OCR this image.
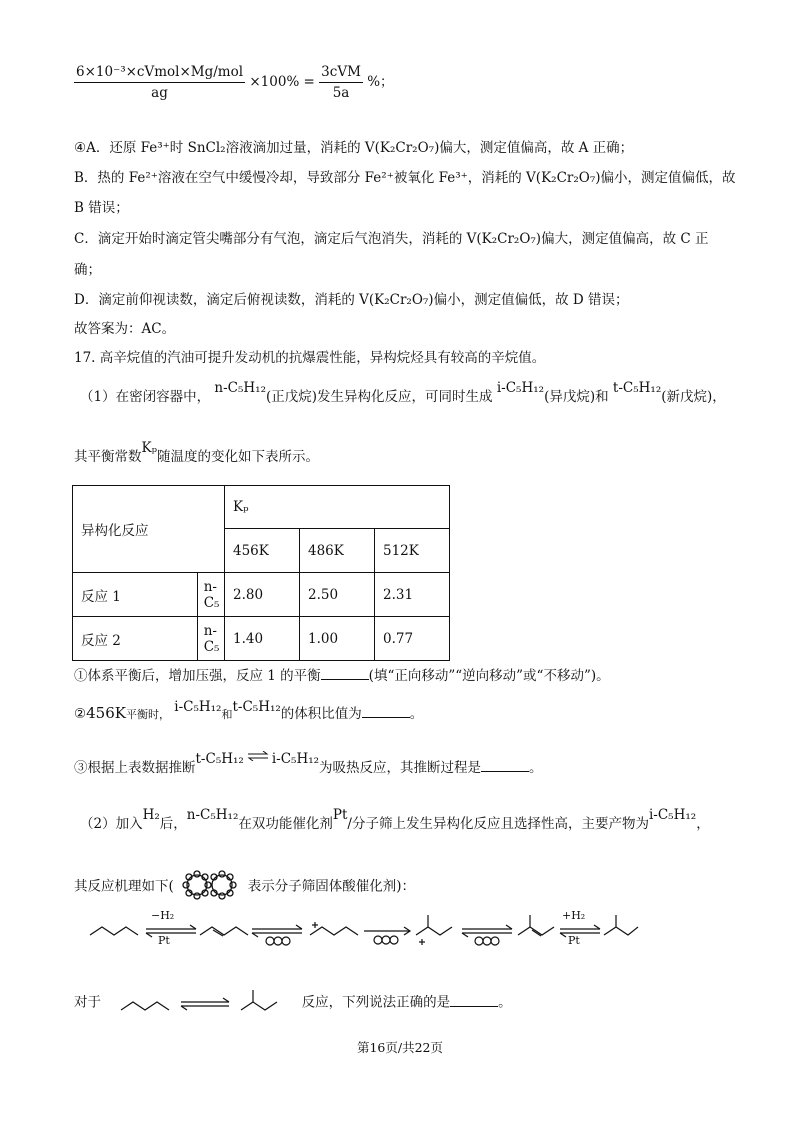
$\frac{\text{6×10⁻³×cVmol×Mg/mol}}{ag} \times 100\% = \frac{\text{3cVM}}{5a}$ %；
④A．还原 Fe³⁺时 SnCl₂溶液滴加过量，消耗的 V(K₂Cr₂O₇)偏大，测定值偏高，故 A 正确；
B．热的 Fe²⁺溶液在空气中缓慢冷却，导致部分 Fe²⁺被氧化 Fe³⁺，消耗的 V(K₂Cr₂O₇)偏小，测定值偏低，故
B 错误；
C．滴定开始时滴定管尖嘴部分有气泡，滴定后气泡消失，消耗的 V(K₂Cr₂O₇)偏大，测定值偏高，故 C 正
确；
D．滴定前仰视读数，滴定后俯视读数，消耗的 V(K₂Cr₂O₇)偏小，测定值偏低，故 D 错误；
故答案为：AC。
17. 高辛烷值的汽油可提升发动机的抗爆震性能，异构烷烃具有较高的辛烷值。
（1）在密闭容器中， n-C₅H₁₂(正戊烷)发生异构化反应，可同时生成 i-C₅H₁₂(异戊烷)和 t-C₅H₁₂(新戊烷)，
其平衡常数Kₚ随温度的变化如下表所示。
异构化反应		Kₚ		
		456K	486K	512K
反应 1	n-C₅	2.80	2.50	2.31
反应 2	n-C₅	1.40	1.00	0.77
①体系平衡后，增加压强，反应 1 的平衡	(填“正向移动”“逆向移动”或“不移动”)。
②456K平衡时， i-C₅H₁₂和t-C₅H₁₂的体积比值为	。
③根据上表数据推断t-C₅H₁₂ ⇌ i-C₅H₁₂为吸热反应，其推断过程是	。
（2）加入H₂后，n-C₅H₁₂在双功能催化剂Pt/分子筛上发生异构化反应且选择性高，主要产物为i-C₅H₁₂，
其反应机理如下(	表示分子筛固体酸催化剂)：
−H₂
Pt
+H₂
Pt
对于	反应，下列说法正确的是	。
第16页/共22页
